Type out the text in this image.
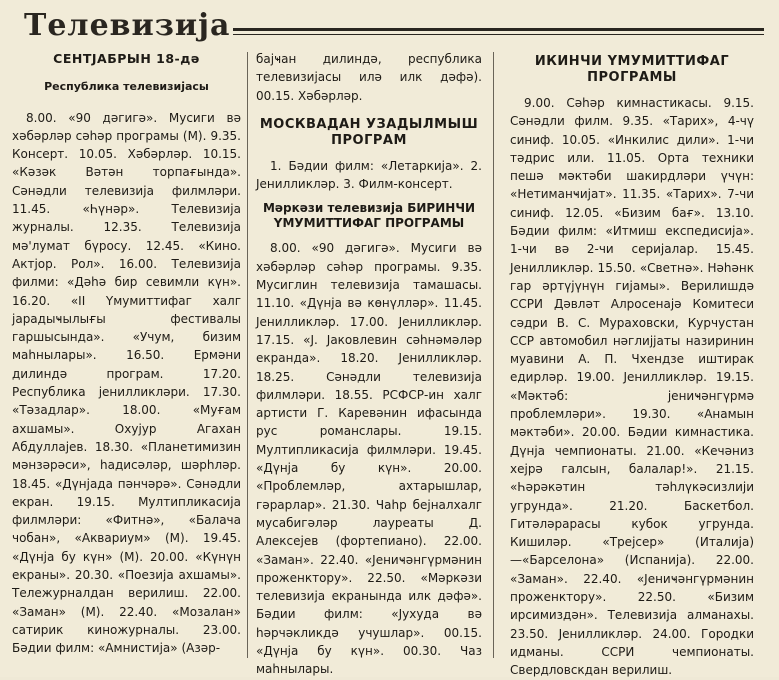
Телевизија
СЕНТЈАБРЫН 18-дә
Республика телевизијасы

8.00. «90 дәгигә». Мусиги вә хәбәрләр сәһәр програмы (М). 9.35. Консерт. 10.05. Хәбәрләр. 10.15. «Кәзәк Вәтән торпағында». Сәнәдли телевизија филмләри. 11.45. «Һүнәр». Телевизија журналы. 12.35. Телевизија мә'лумат бүросу. 12.45. «Кино. Актјор. Рол». 16.00. Телевизија филми: «Дәһә бир севимли күн». 16.20. «II Үмумиттифаг халг јарадыҹылығы фестивалы гаршысында». «Учум, бизим маһнылары». 16.50. Ермәни дилиндә програм. 17.20. Республика јенилликләри. 17.30. «Тәзадлар». 18.00. «Муғам ахшамы». Охујур Агахан Абдуллајев. 18.30. «Планетимизин мәнзәрәси», һадисәләр, шәрһләр. 18.45. «Дүнјада пәнчәрә». Сәнәдли екран. 19.15. Мултипликасија филмләри: «Фитнә», «Балача чобан», «Аквариум» (М). 19.45. «Дүнја бу күн» (М). 20.00. «Күнүн екраны». 20.30. «Поезија ахшамы». Тележурналдан верилиш. 22.00. «Заман» (М). 22.40. «Мозалан» сатирик киножурналы. 23.00. Бәдии филм: «Амнистија» (Азәр-

бајҹан дилиндә, республика телевизијасы илә илк дәфә). 00.15. Хәбәрләр.

МОСКВАДАН УЗАДЫЛМЫШ ПРОГРАМ

1. Бәдии филм: «Летаркија». 2. Јенилликләр. 3. Филм-консерт.

Мәркәзи телевизија БИРИНЧИ ҮМУМИТТИФАГ ПРОГРАМЫ

8.00. «90 дәгигә». Мусиги вә хәбәрләр сәһәр програмы. 9.35. Мусиглин телевизија тамашасы. 11.10. «Дүнја вә көнүлләр». 11.45. Јенилликләр. 17.00. Јенилликләр. 17.15. «J. Јаковлевин сәһнәмәләр екранда». 18.20. Јенилликләр. 18.25. Сәнәдли телевизија филмләри. 18.55. РСФСР-ин халг артисти Г. Каревәнин ифасында рус романслары. 19.15. Мултипликасија филмләри. 19.45. «Дүнја бу күн». 20.00. «Проблемләр, ахтарышлар, гәрарлар». 21.30. Чаһр бејналхалг мусабигәләр лауреаты Д. Алексејев (фортепиано). 22.00. «Заман». 22.40. «Јениҹәнгүрмәнин проженктору». 22.50. «Мәркәзи телевизија екранында илк дәфә». Бәдии филм: «Јухуда вә һәрчәкликдә учушлар». 00.15. «Дүнја бу күн». 00.30. Чаз маһнылары.

ИКИНЧИ ҮМУМИТТИФАГ ПРОГРАМЫ

9.00. Сәһәр кимнастикасы. 9.15. Сәнәдли филм. 9.35. «Тарих», 4-чү синиф. 10.05. «Инкилис дили». 1-чи тәдрис или. 11.05. Орта техники пешә мәктәби шакирдләри үчүн: «Нетиманҹијат». 11.35. «Тарих». 7-чи синиф. 12.05. «Бизим бағ». 13.10. Бәдии филм: «Итмиш експедисија». 1-чи вә 2-чи серијалар. 15.45. Јенилликләр. 15.50. «Светнә». Нәһәнк гар әртүјүнүн гијамы». Верилишдә ССРИ Дәвләт Алросенајә Комитеси сәдри В. С. Мураховски, Курчустан ССР автомобил нәглијјаты назиринин муавини А. П. Чхендзе иштирак едирләр. 19.00. Јенилликләр. 19.15. «Мәктәб: јениҹәнгүрмә проблемләри». 19.30. «Анамын мәктәби». 20.00. Бәдии кимнастика. Дүнја чемпионаты. 21.00. «Кечәниз хејрә галсын, балалар!». 21.15. «Һәрәкәтин тәһлүкәсизлији угрунда». 21.20. Баскетбол. Гитәләрарасы кубок угрунда. Кишиләр. «Трејсер» (Италија)—«Барселона» (Испанија). 22.00. «Заман». 22.40. «Јениҹәнгүрмәнин проженктору». 22.50. «Бизим ирсимиздән». Телевизија алманахы. 23.50. Јенилликләр. 24.00. Городки идманы. ССРИ чемпионаты. Свердловскдан верилиш.
